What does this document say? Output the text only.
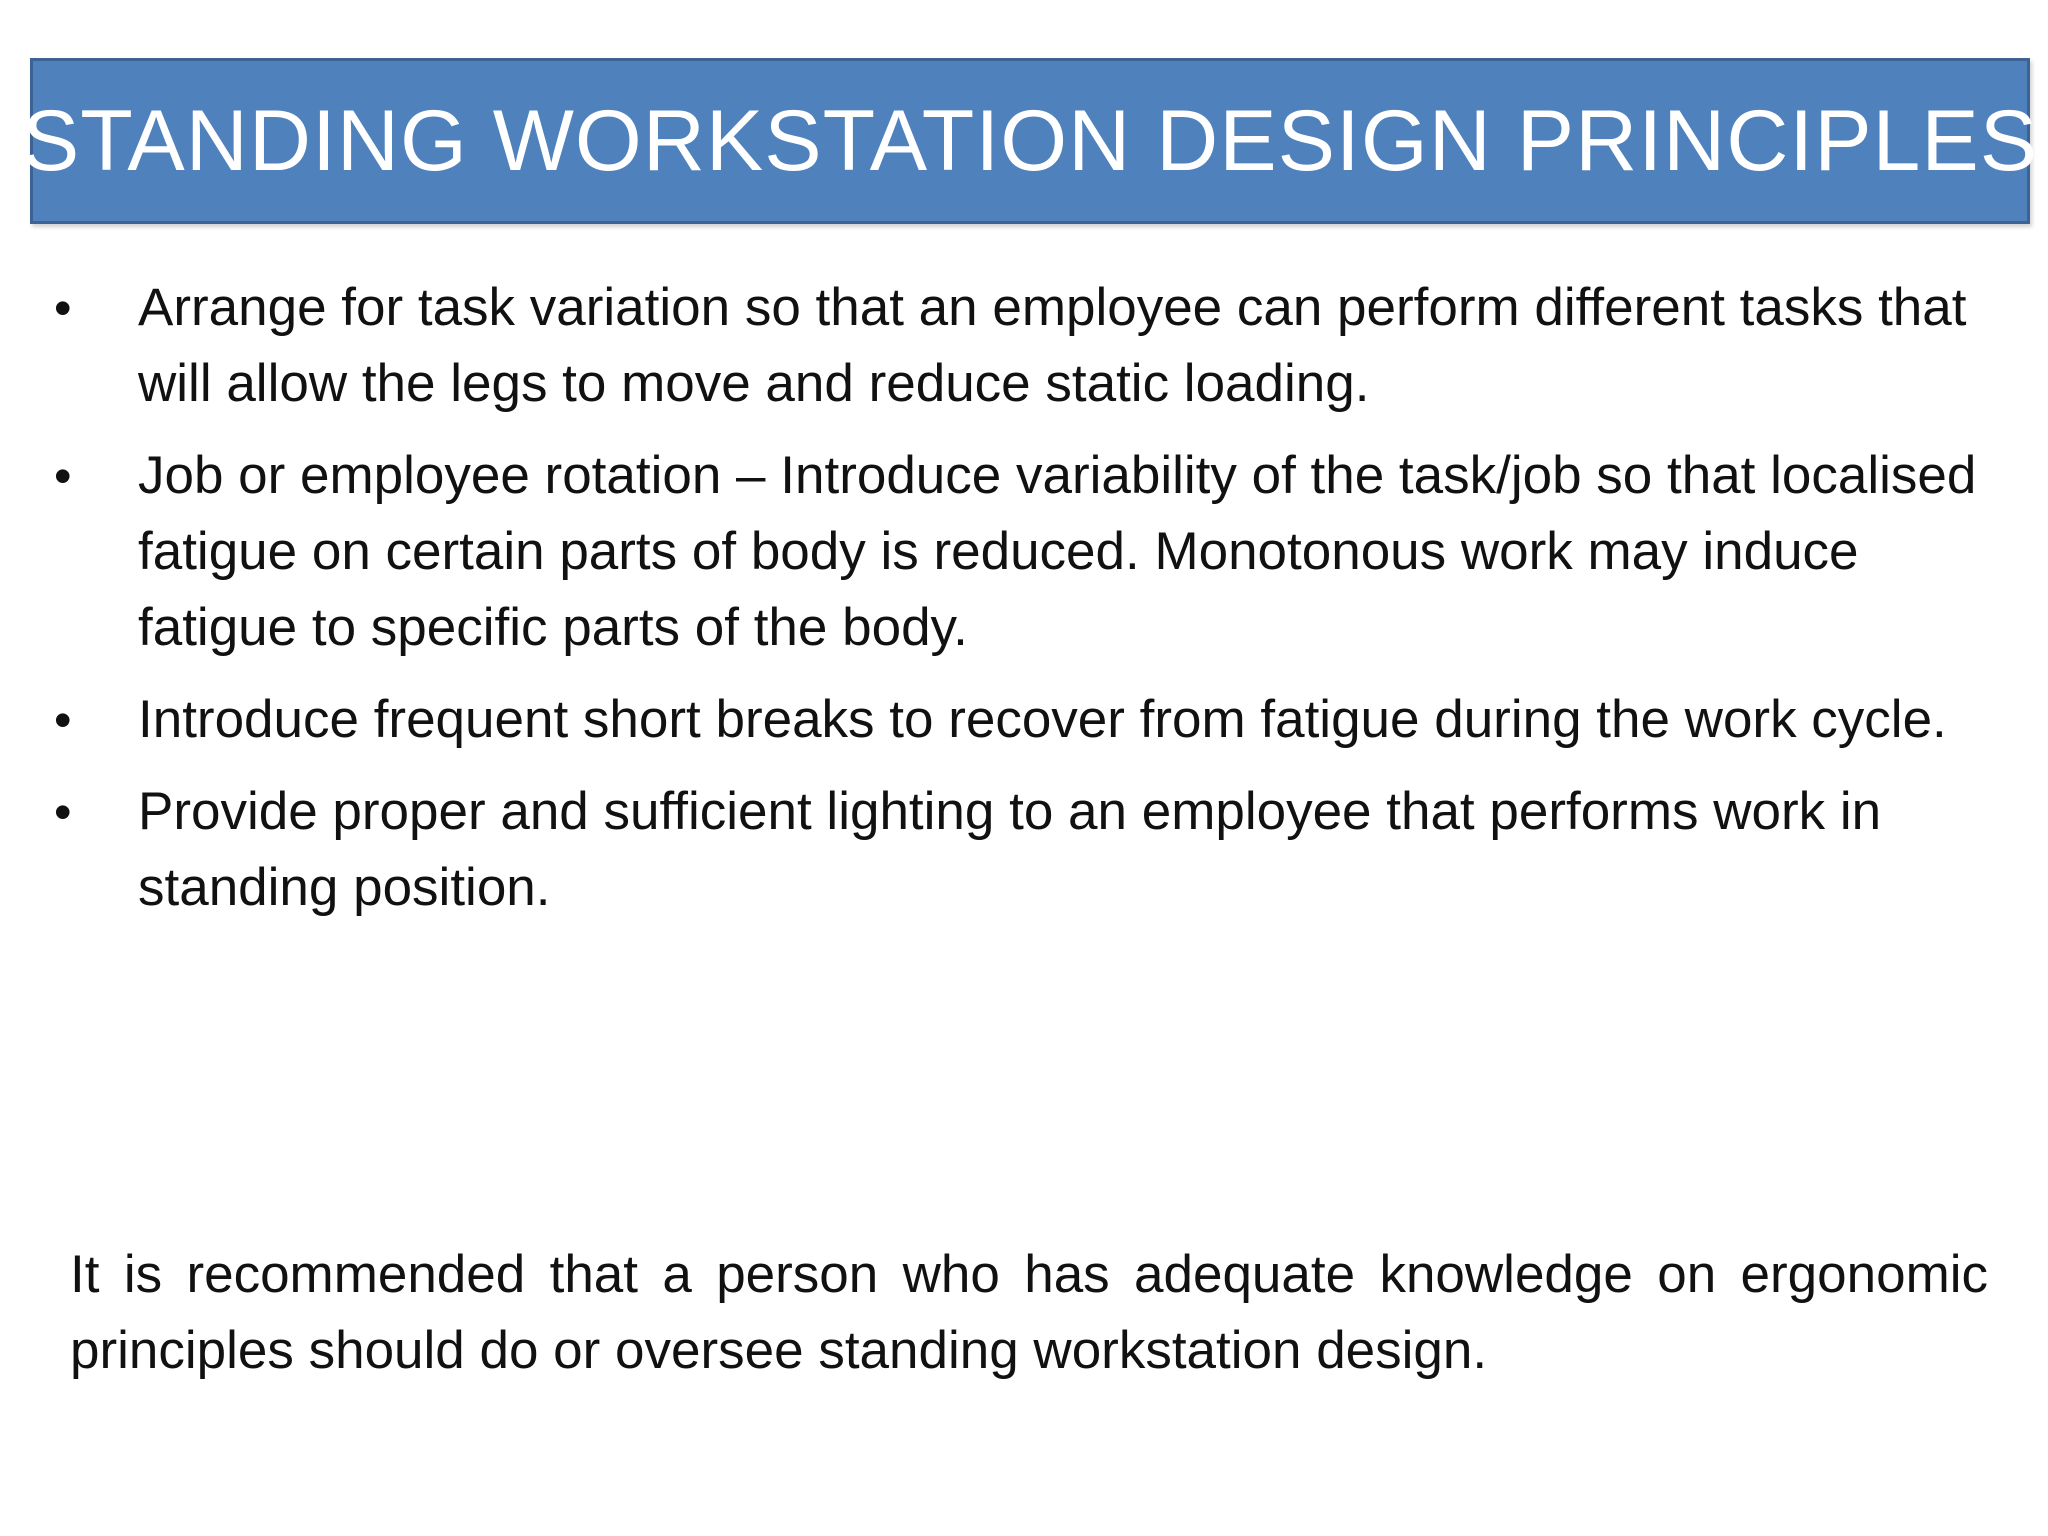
STANDING WORKSTATION DESIGN PRINCIPLES
•	Arrange for task variation so that an employee can perform different tasks that will allow the legs to move and reduce static loading.
•	Job or employee rotation – Introduce variability of the task/job so that localised fatigue on certain parts of body is reduced. Monotonous work may induce fatigue to specific parts of the body.
•	Introduce frequent short breaks to recover from fatigue during the work cycle.
•	Provide proper and sufficient lighting to an employee that performs work in standing position.

It is recommended that a person who has adequate knowledge on ergonomic principles should do or oversee standing workstation design.
